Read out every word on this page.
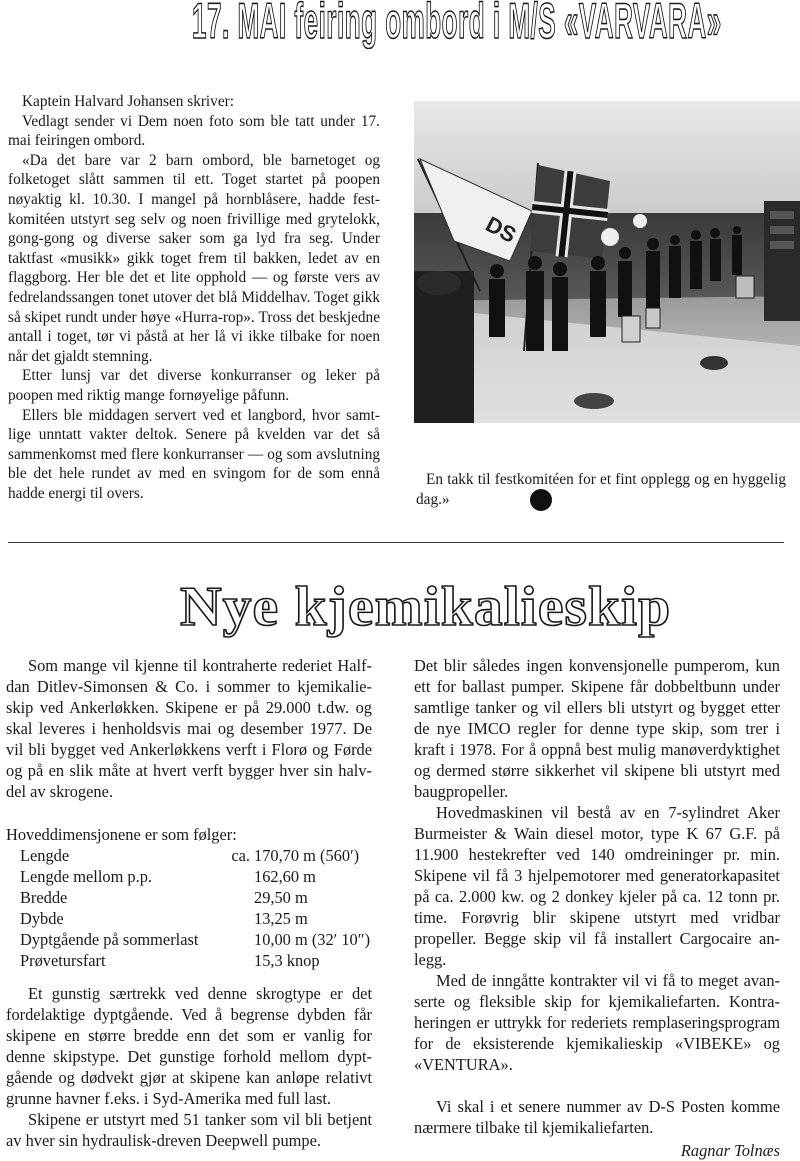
17. MAI feiring ombord i M/S «VARVARA»

Kaptein Halvard Johansen skriver:

Vedlagt sender vi Dem noen foto som ble tatt under 17. mai feiringen ombord.

«Da det bare var 2 barn ombord, ble barnetoget og folketoget slått sammen til ett. Toget startet på poopen nøyaktig kl. 10.30. I mangel på hornblåsere, hadde festkomitéen utstyrt seg selv og noen frivillige med grytelokk, gong-gong og diverse saker som ga lyd fra seg. Under taktfast «musikk» gikk toget frem til bakken, ledet av en flaggborg. Her ble det et lite opphold — og første vers av fedrelandssangen tonet utover det blå Middelhav. Toget gikk så skipet rundt under høye «Hurra-rop». Tross det beskjedne antall i toget, tør vi påstå at her lå vi ikke tilbake for noen når det gjaldt stemning.

Etter lunsj var det diverse konkurranser og leker på poopen med riktig mange fornøyelige påfunn.

Ellers ble middagen servert ved et langbord, hvor samtlige unntatt vakter deltok. Senere på kvelden var det så sammenkomst med flere konkurranser — og som avslutning ble det hele rundet av med en svingom for de som ennå hadde energi til overs.

DS

En takk til festkomitéen for et fint opplegg og en hyggelig dag.»

Nye kjemikalieskip

Som mange vil kjenne til kontraherte rederiet Halfdan Ditlev-Simonsen & Co. i sommer to kjemikalieskip ved Ankerløkken. Skipene er på 29.000 t.dw. og skal leveres i henholdsvis mai og desember 1977. De vil bli bygget ved Ankerløkkens verft i Florø og Førde og på en slik måte at hvert verft bygger hver sin halvdel av skrogene.

Hoveddimensjonene er som følger:

Lengde	ca.	170,70 m (560′)
Lengde mellom p.p.		162,60 m
Bredde		29,50 m
Dybde		13,25 m
Dyptgående på sommerlast		10,00 m (32′ 10″)
Prøvetursfart		15,3 knop

Et gunstig særtrekk ved denne skrogtype er det fordelaktige dyptgående. Ved å begrense dybden får skipene en større bredde enn det som er vanlig for denne skipstype. Det gunstige forhold mellom dyptgående og dødvekt gjør at skipene kan anløpe relativt grunne havner f.eks. i Syd-Amerika med full last.

Skipene er utstyrt med 51 tanker som vil bli betjent av hver sin hydraulisk-dreven Deepwell pumpe.

Det blir således ingen konvensjonelle pumperom, kun ett for ballast pumper. Skipene får dobbeltbunn under samtlige tanker og vil ellers bli utstyrt og bygget etter de nye IMCO regler for denne type skip, som trer i kraft i 1978. For å oppnå best mulig manøverdyktighet og dermed større sikkerhet vil skipene bli utstyrt med baugpropeller.

Hovedmaskinen vil bestå av en 7-sylindret Aker Burmeister & Wain diesel motor, type K 67 G.F. på 11.900 hestekrefter ved 140 omdreininger pr. min. Skipene vil få 3 hjelpemotorer med generatorkapasitet på ca. 2.000 kw. og 2 donkey kjeler på ca. 12 tonn pr. time. Forøvrig blir skipene utstyrt med vridbar propeller. Begge skip vil få installert Cargocaire anlegg.

Med de inngåtte kontrakter vil vi få to meget avanserte og fleksible skip for kjemikaliefarten. Kontraheringen er uttrykk for rederiets remplaseringsprogram for de eksisterende kjemikalieskip «VIBEKE» og «VENTURA».

Vi skal i et senere nummer av D-S Posten komme nærmere tilbake til kjemikaliefarten.

Ragnar Tolnæs
